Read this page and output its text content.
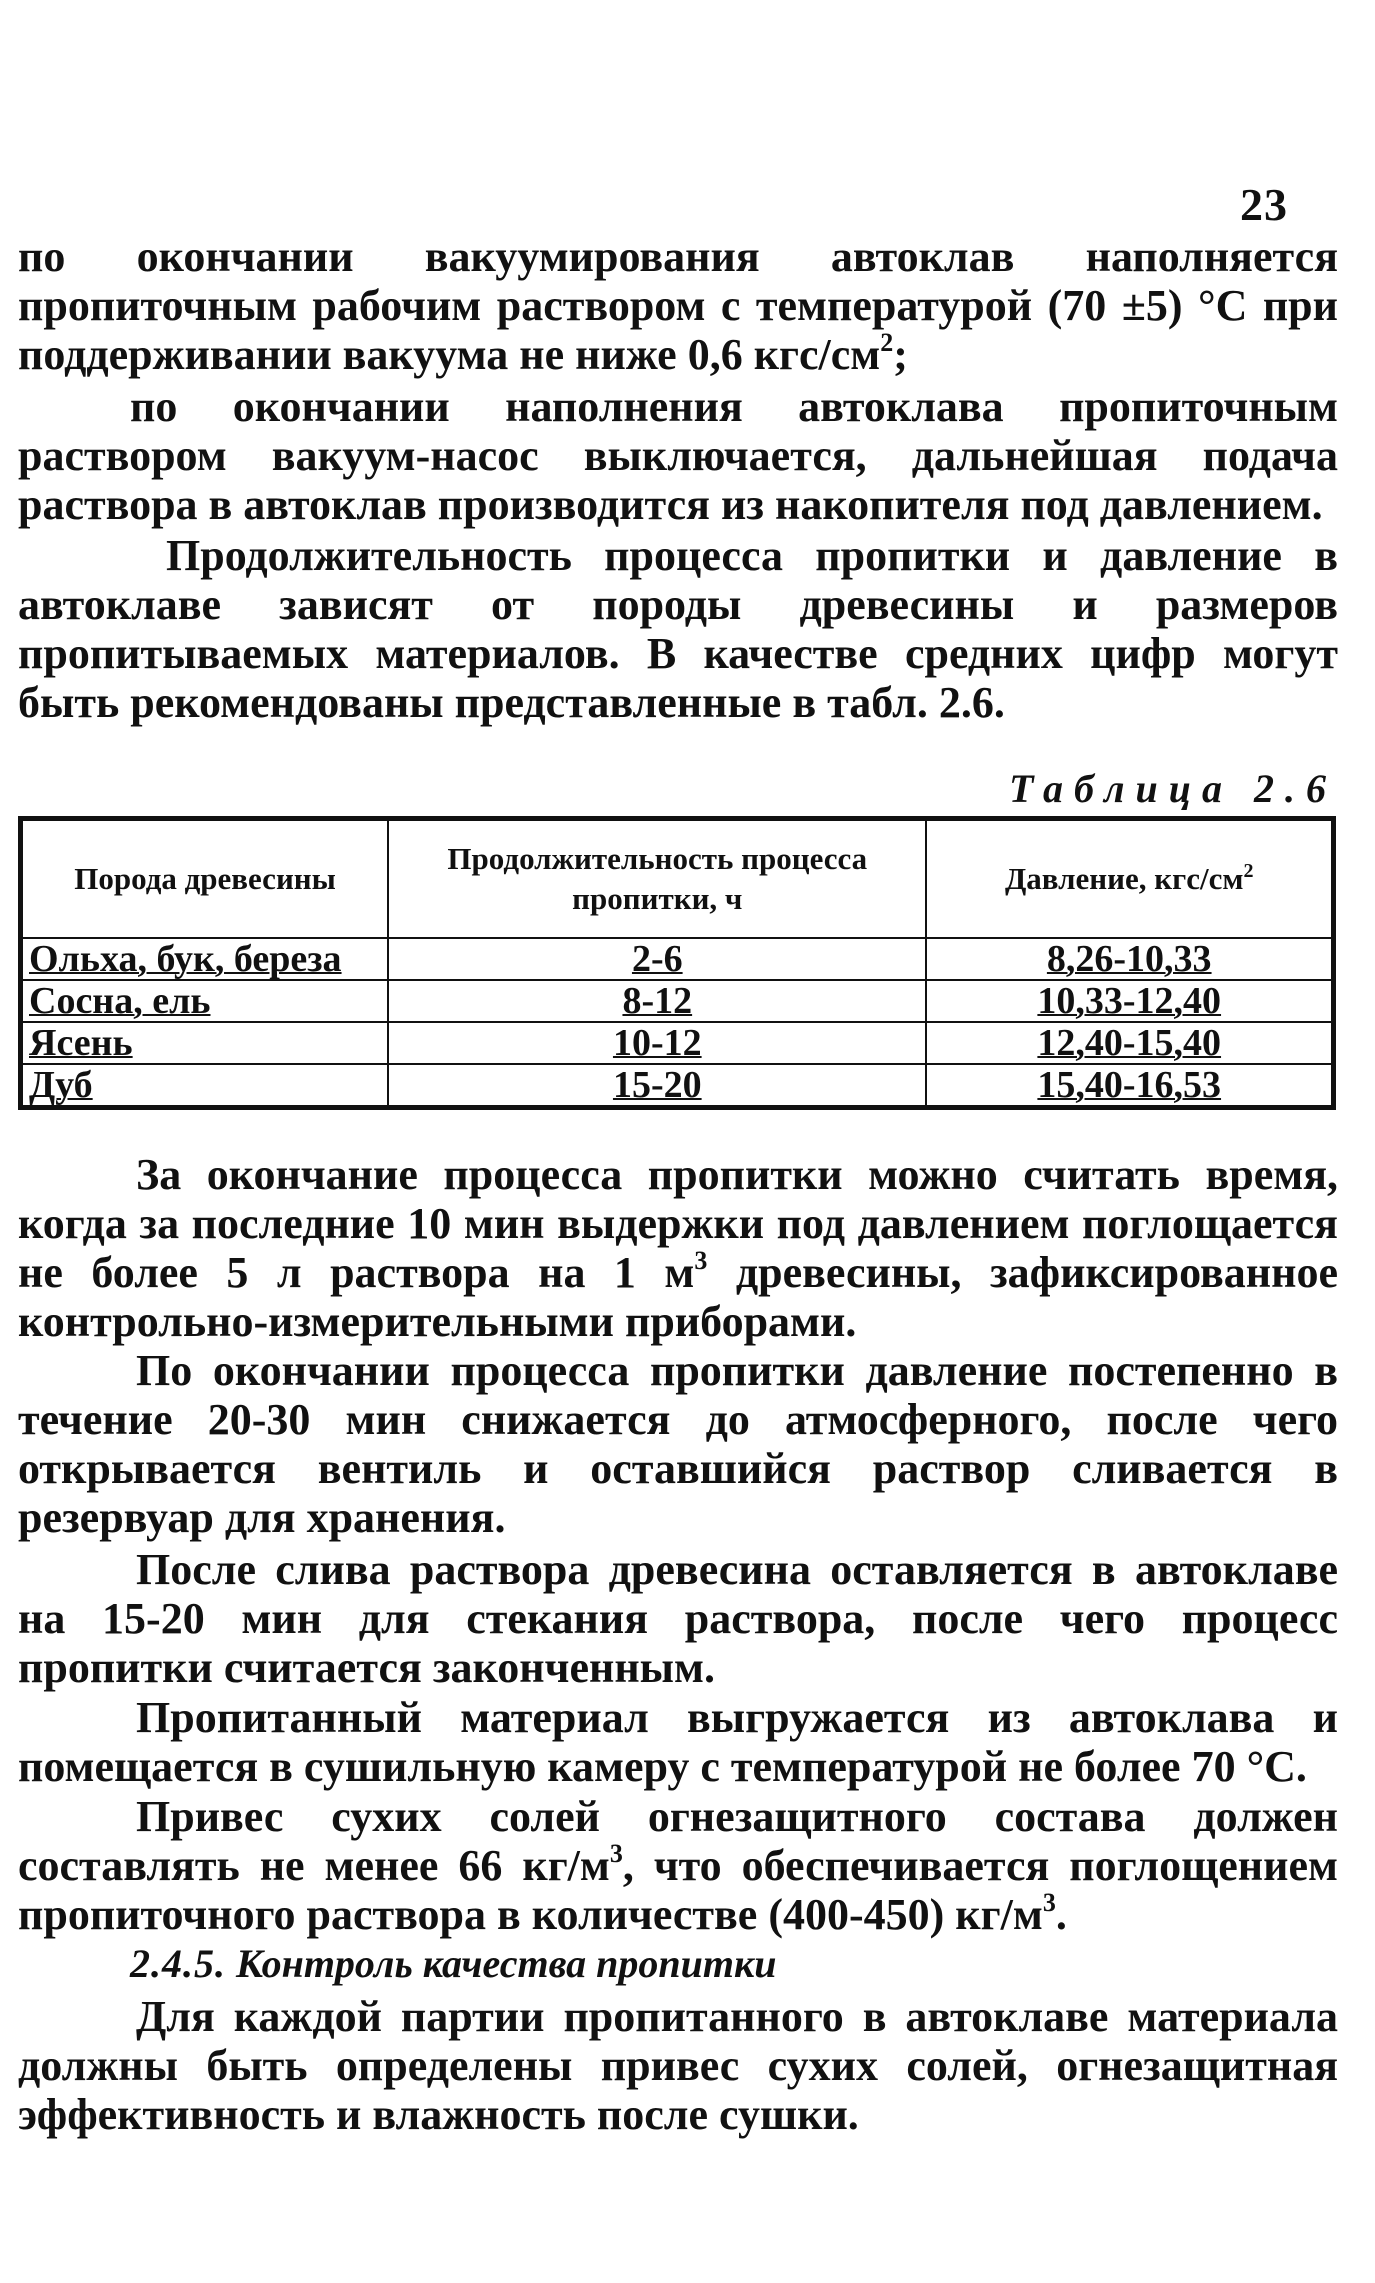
23

по окончании вакуумирования автоклав наполняется пропиточным рабочим раствором с температурой (70 ±5) °С при поддерживании вакуума не ниже 0,6 кгс/$см^2$;

по окончании наполнения автоклава пропиточным раствором вакуум-насос выключается, дальнейшая подача раствора в автоклав производится из накопителя под давлением.

Продолжительность процесса пропитки и давление в автоклаве зависят от породы древесины и размеров пропитываемых материалов. В качестве средних цифр могут быть рекомендованы представленные в табл. 2.6.

Таблица 2.6
Порода древесины	Продолжительность процесса пропитки, ч	Давление, кгс/$см^2$
Ольха, бук, береза	2-6	8,26-10,33
Сосна, ель	8-12	10,33-12,40
Ясень	10-12	12,40-15,40
Дуб	15-20	15,40-16,53

За окончание процесса пропитки можно считать время, когда за последние 10 мин выдержки под давлением поглощается не более 5 л раствора на 1 $м^3$ древесины, зафиксированное контрольно-измерительными приборами.

По окончании процесса пропитки давление постепенно в течение 20-30 мин снижается до атмосферного, после чего открывается вентиль и оставшийся раствор сливается в резервуар для хранения.

После слива раствора древесина оставляется в автоклаве на 15-20 мин для стекания раствора, после чего процесс пропитки считается законченным.

Пропитанный материал выгружается из автоклава и помещается в сушильную камеру с температурой не более 70 °С.

Привес сухих солей огнезащитного состава должен составлять не менее 66 $кг/м^3$, что обеспечивается поглощением пропиточного раствора в количестве (400-450) $кг/м^3$.

2.4.5. Контроль качества пропитки

Для каждой партии пропитанного в автоклаве материала должны быть определены привес сухих солей, огнезащитная эффективность и влажность после сушки.
